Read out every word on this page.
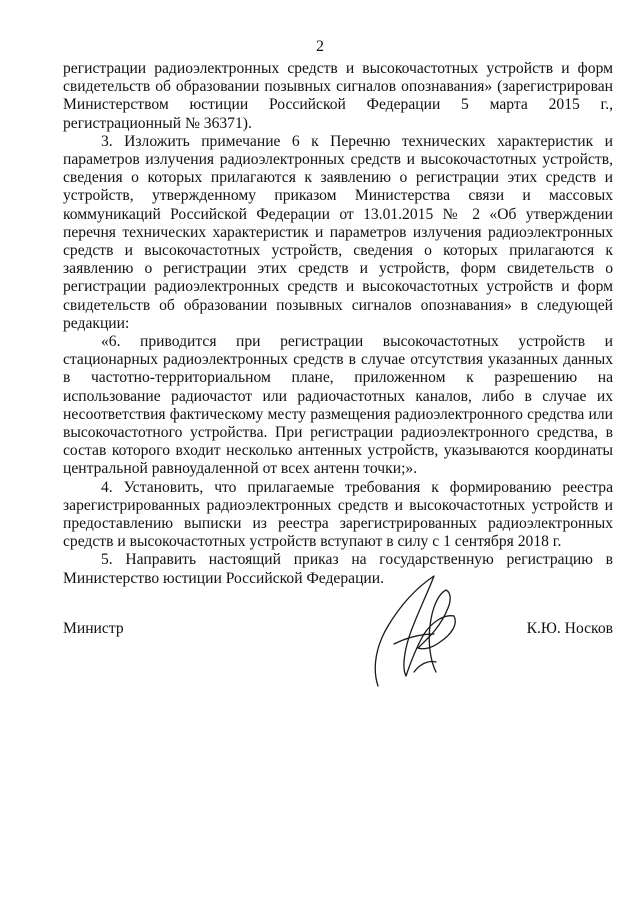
2

регистрации радиоэлектронных средств и высокочастотных устройств и форм свидетельств об образовании позывных сигналов опознавания» (зарегистрирован Министерством юстиции Российской Федерации 5 марта 2015 г., регистрационный № 36371).

3. Изложить примечание 6 к Перечню технических характеристик и параметров излучения радиоэлектронных средств и высокочастотных устройств, сведения о которых прилагаются к заявлению о регистрации этих средств и устройств, утвержденному приказом Министерства связи и массовых коммуникаций Российской Федерации от 13.01.2015 № 2 «Об утверждении перечня технических характеристик и параметров излучения радиоэлектронных средств и высокочастотных устройств, сведения о которых прилагаются к заявлению о регистрации этих средств и устройств, форм свидетельств о регистрации радиоэлектронных средств и высокочастотных устройств и форм свидетельств об образовании позывных сигналов опознавания» в следующей редакции:

«6. приводится при регистрации высокочастотных устройств и стационарных радиоэлектронных средств в случае отсутствия указанных данных в частотно-территориальном плане, приложенном к разрешению на использование радиочастот или радиочастотных каналов, либо в случае их несоответствия фактическому месту размещения радиоэлектронного средства или высокочастотного устройства. При регистрации радиоэлектронного средства, в состав которого входит несколько антенных устройств, указываются координаты центральной равноудаленной от всех антенн точки;».

4. Установить, что прилагаемые требования к формированию реестра зарегистрированных радиоэлектронных средств и высокочастотных устройств и предоставлению выписки из реестра зарегистрированных радиоэлектронных средств и высокочастотных устройств вступают в силу с 1 сентября 2018 г.

5. Направить настоящий приказ на государственную регистрацию в Министерство юстиции Российской Федерации.

Министр	К.Ю. Носков
